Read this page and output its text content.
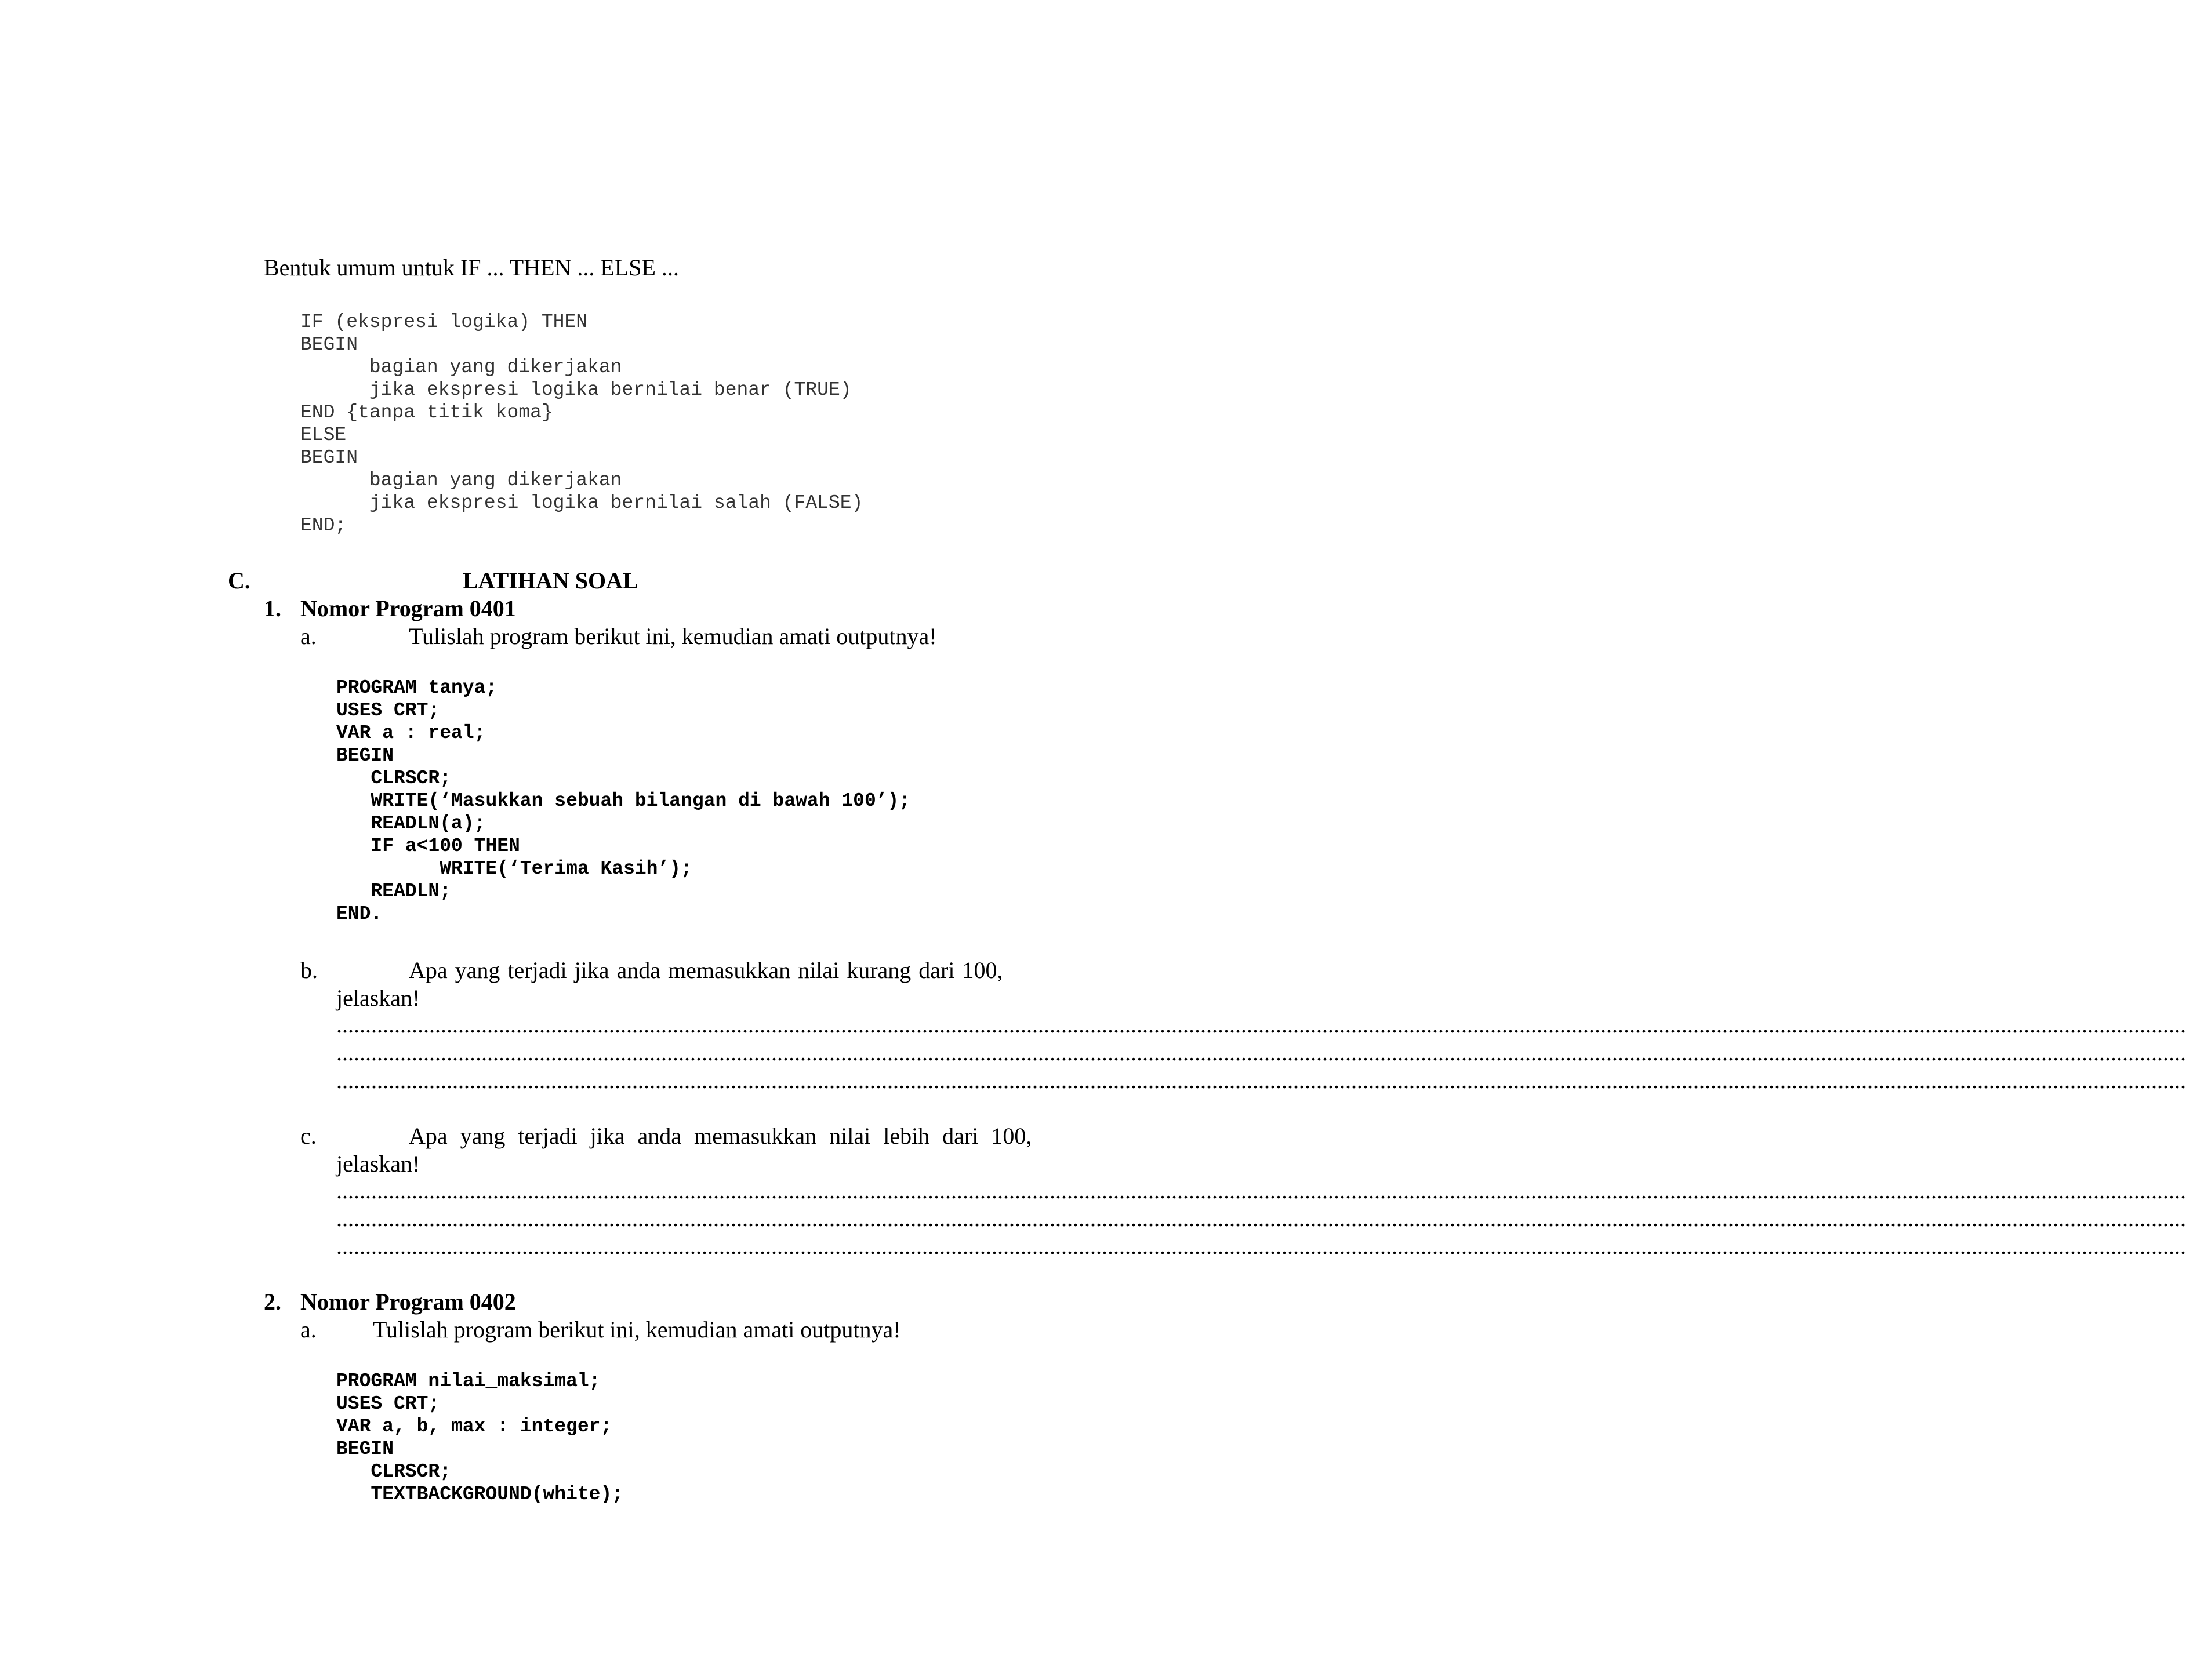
Bentuk umum untuk IF ... THEN ... ELSE ...
IF (ekspresi logika) THEN
BEGIN
bagian yang dikerjakan
jika ekspresi logika bernilai benar (TRUE)
END {tanpa titik koma}
ELSE
BEGIN
bagian yang dikerjakan
jika ekspresi logika bernilai salah (FALSE)
END;
C.	LATIHAN SOAL
1. Nomor Program 0401
a.	Tulislah program berikut ini, kemudian amati outputnya!
PROGRAM tanya;
USES CRT;
VAR a : real;
BEGIN
CLRSCR;
WRITE(‘Masukkan sebuah bilangan di bawah 100’);
READLN(a);
IF a<100 THEN
WRITE(‘Terima Kasih’);
READLN;
END.
b.	Apa yang terjadi jika anda memasukkan nilai kurang dari 100,
jelaskan!
...............................................................................................................................................................................................................................................................................................................................
...............................................................................................................................................................................................................................................................................................................................
...............................................................................................................................................................................................................................................................................................................................
c.	Apa yang terjadi jika anda memasukkan nilai lebih dari 100,
jelaskan!
...............................................................................................................................................................................................................................................................................................................................
...............................................................................................................................................................................................................................................................................................................................
...............................................................................................................................................................................................................................................................................................................................
2. Nomor Program 0402
a. Tulislah program berikut ini, kemudian amati outputnya!
PROGRAM nilai_maksimal;
USES CRT;
VAR a, b, max : integer;
BEGIN
CLRSCR;
TEXTBACKGROUND(white);
